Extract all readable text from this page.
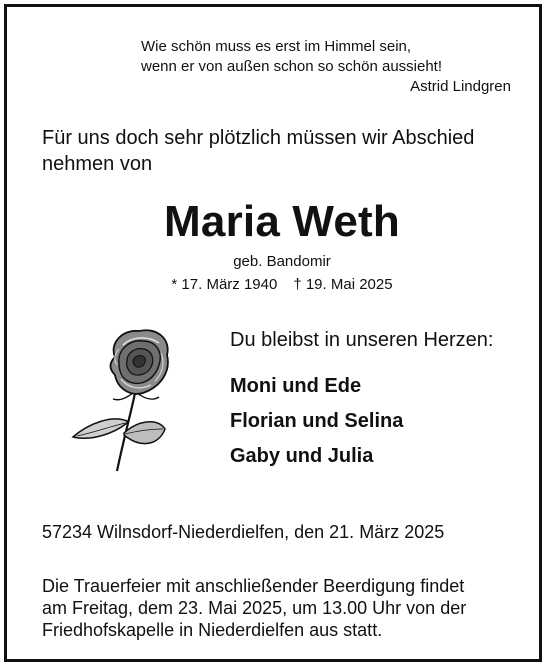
Wie schön muss es erst im Himmel sein,
wenn er von außen schon so schön aussieht!
Astrid Lindgren
Für uns doch sehr plötzlich müssen wir Abschied
nehmen von
Maria Weth
geb. Bandomir
* 17. März 1940 † 19. Mai 2025
Du bleibst in unseren Herzen:
Moni und Ede
Florian und Selina
Gaby und Julia
57234 Wilnsdorf-Niederdielfen, den 21. März 2025
Die Trauerfeier mit anschließender Beerdigung findet
am Freitag, dem 23. Mai 2025, um 13.00 Uhr von der
Friedhofskapelle in Niederdielfen aus statt.
